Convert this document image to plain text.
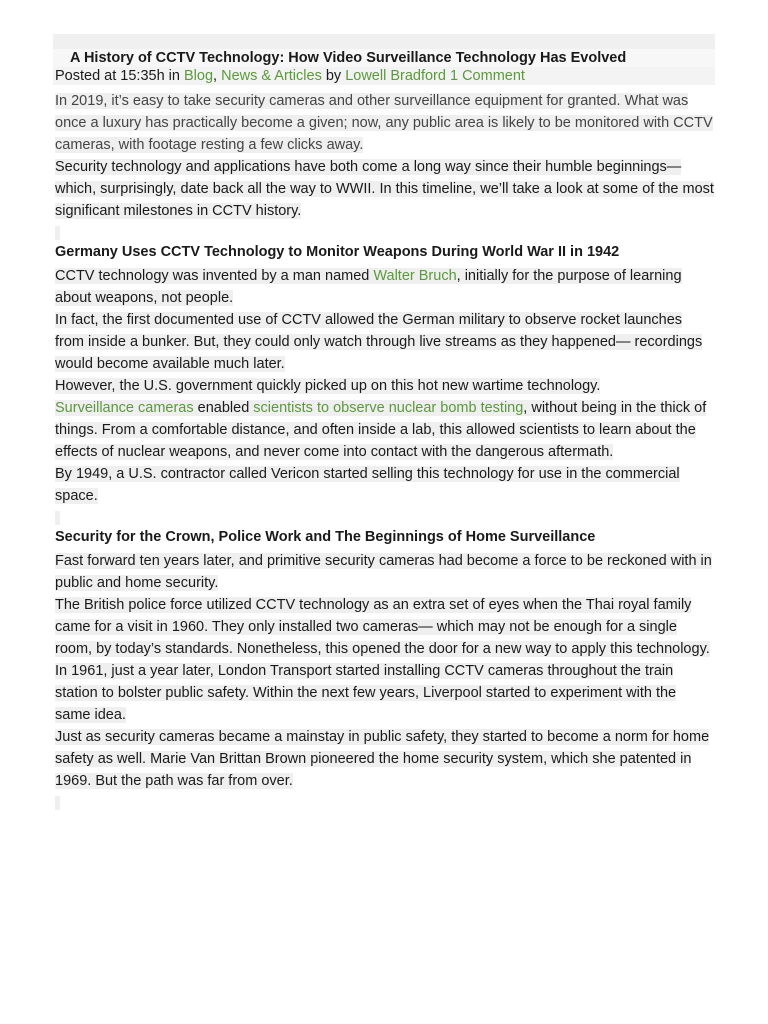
A History of CCTV Technology: How Video Surveillance Technology Has Evolved
Posted at 15:35h in Blog, News & Articles by Lowell Bradford 1 Comment

In 2019, it’s easy to take security cameras and other surveillance equipment for granted. What was once a luxury has practically become a given; now, any public area is likely to be monitored with CCTV cameras, with footage resting a few clicks away.

Security technology and applications have both come a long way since their humble beginnings— which, surprisingly, date back all the way to WWII. In this timeline, we’ll take a look at some of the most significant milestones in CCTV history.

Germany Uses CCTV Technology to Monitor Weapons During World War II in 1942

CCTV technology was invented by a man named Walter Bruch, initially for the purpose of learning about weapons, not people.

In fact, the first documented use of CCTV allowed the German military to observe rocket launches from inside a bunker. But, they could only watch through live streams as they happened— recordings would become available much later.

However, the U.S. government quickly picked up on this hot new wartime technology.

Surveillance cameras enabled scientists to observe nuclear bomb testing, without being in the thick of things. From a comfortable distance, and often inside a lab, this allowed scientists to learn about the effects of nuclear weapons, and never come into contact with the dangerous aftermath.

By 1949, a U.S. contractor called Vericon started selling this technology for use in the commercial space.

Security for the Crown, Police Work and The Beginnings of Home Surveillance

Fast forward ten years later, and primitive security cameras had become a force to be reckoned with in public and home security.

The British police force utilized CCTV technology as an extra set of eyes when the Thai royal family came for a visit in 1960. They only installed two cameras— which may not be enough for a single room, by today’s standards. Nonetheless, this opened the door for a new way to apply this technology.

In 1961, just a year later, London Transport started installing CCTV cameras throughout the train station to bolster public safety. Within the next few years, Liverpool started to experiment with the same idea.

Just as security cameras became a mainstay in public safety, they started to become a norm for home safety as well. Marie Van Brittan Brown pioneered the home security system, which she patented in 1969. But the path was far from over.
